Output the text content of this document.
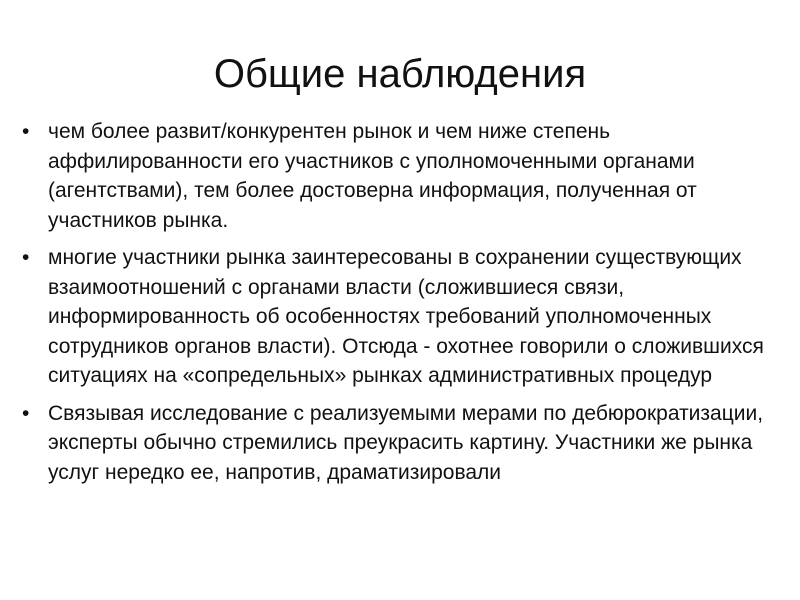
Общие наблюдения
• чем более развит/конкурентен рынок и чем ниже степень аффилированности его участников с уполномоченными органами (агентствами), тем более достоверна информация, полученная от участников рынка.
• многие участники рынка заинтересованы в сохранении существующих взаимоотношений с органами власти (сложившиеся связи, информированность об особенностях требований уполномоченных сотрудников органов власти). Отсюда - охотнее говорили о сложившихся ситуациях на «сопредельных» рынках административных процедур
• Связывая исследование с реализуемыми мерами по дебюрократизации, эксперты обычно стремились преукрасить картину. Участники же рынка услуг нередко ее, напротив, драматизировали
